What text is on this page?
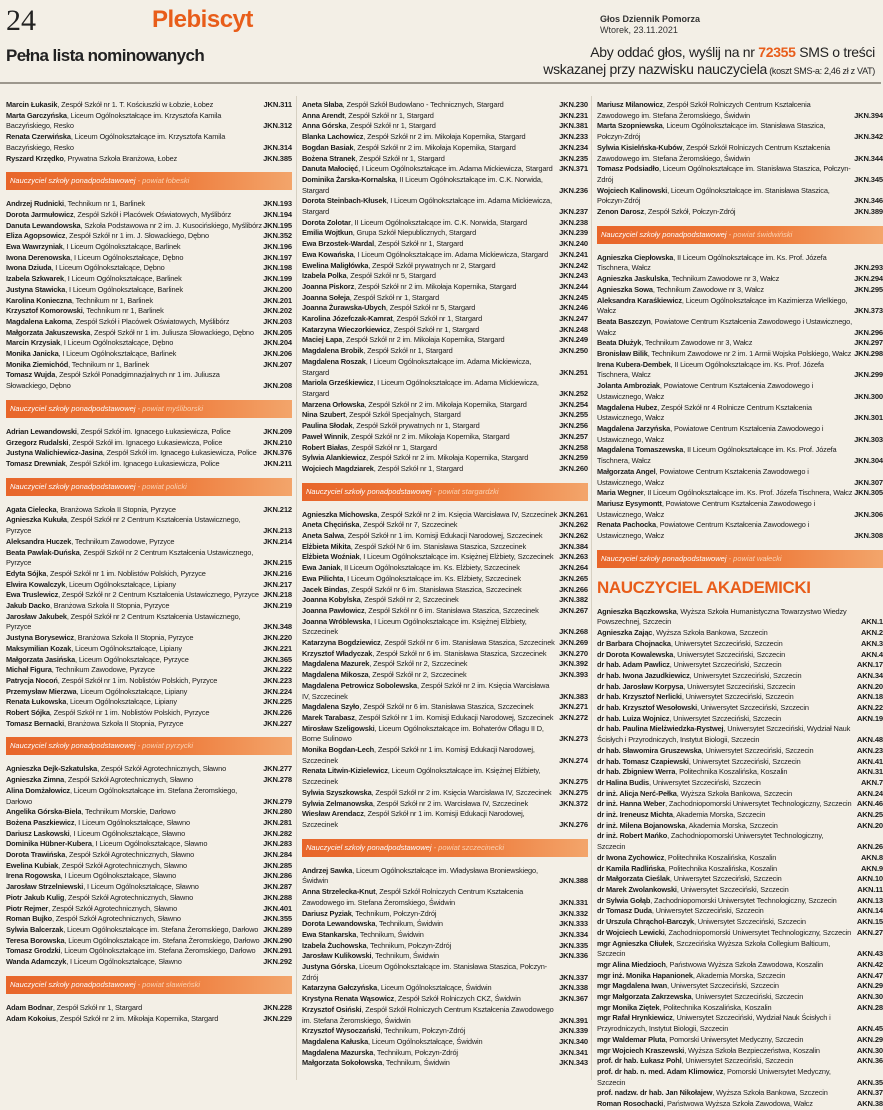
24	Plebiscyt
Pełna lista nominowanych
Głos Dziennik Pomorza
Wtorek, 23.11.2021
Aby oddać głos, wyślij na nr 72355 SMS o treści
wskazanej przy nazwisku nauczyciela (koszt SMS-a: 2,46 zł z VAT)
Marcin Łukasik, Zespół Szkół nr 1. T. Kościuszki w Łobzie, Łobez	JKN.311
Marta Garczyńska, Liceum Ogólnokształcące im. Krzysztofa Kamila Baczyńskiego, Resko	JKN.312
Renata Czerwińska, Liceum Ogólnokształcące im. Krzysztofa Kamila Baczyńskiego, Resko	JKN.314
Ryszard Krzędko, Prywatna Szkoła Branżowa, Łobez	JKN.385
Nauczyciel szkoły ponadpodstawowej - powiat łobeski
Andrzej Rudnicki, Technikum nr 1, Barlinek	JKN.193
Dorota Jarmułowicz, Zespół Szkół i Placówek Oświatowych, Myślibórz	JKN.194
Danuta Lewandowska, Szkoła Podstawowa nr 2 im. J. Kusocińskiego, Myślibórz JKN.195
Eliza Agopsowicz, Zespół Szkół nr 1 im. J. Słowackiego, Dębno	JKN.352
Ewa Wawrzyniak, I Liceum Ogólnokształcące, Barlinek	JKN.196
Iwona Derenowska, I Liceum Ogólnokształcące, Dębno	JKN.197
Iwona Dziuda, I Liceum Ogólnokształcące, Dębno	JKN.198
Izabela Szkwarek, I Liceum Ogólnokształcące, Barlinek	JKN.199
Justyna Stawicka, I Liceum Ogólnokształcące, Barlinek	JKN.200
Karolina Konieczna, Technikum nr 1, Barlinek	JKN.201
Krzysztof Komorowski, Technikum nr 1, Barlinek	JKN.202
Magdalena Łakoma, Zespół Szkół i Placówek Oświatowych, Myślibórz	JKN.203
Małgorzata Jakuszewska, Zespół Szkół nr 1 im. Juliusza Słowackiego, Dębno JKN.205
Marcin Krzysiak, I Liceum Ogólnokształcące, Dębno	JKN.204
Monika Janicka, I Liceum Ogólnokształcące, Barlinek	JKN.206
Monika Ziemichód, Technikum nr 1, Barlinek	JKN.207
Tomasz Wujda, Zespół Szkół Ponadgimnazjalnych nr 1 im. Juliusza Słowackiego, Dębno	JKN.208
Nauczyciel szkoły ponadpodstawowej - powiat myśliborski
Adrian Lewandowski, Zespół Szkół im. Ignacego Łukasiewicza, Police	JKN.209
Grzegorz Rudalski, Zespół Szkół im. Ignacego Łukasiewicza, Police	JKN.210
Justyna Walichiewicz-Jasina, Zespół Szkół im. Ignacego Łukasiewicza, Police JKN.376
Tomasz Drewniak, Zespół Szkół im. Ignacego Łukasiewicza, Police	JKN.211
Nauczyciel szkoły ponadpodstawowej - powiat policki
Agata Cielecka, Branżowa Szkoła II Stopnia, Pyrzyce	JKN.212
Agnieszka Kukuła, Zespół Szkół nr 2 Centrum Kształcenia Ustawicznego, Pyrzyce	JKN.213
Aleksandra Huczek, Technikum Zawodowe, Pyrzyce	JKN.214
Beata Pawlak-Duńska, Zespół Szkół nr 2 Centrum Kształcenia Ustawicznego, Pyrzyce	JKN.215
Edyta Sójka, Zespół Szkół nr 1 im. Noblistów Polskich, Pyrzyce	JKN.216
Elwira Kowalczyk, Liceum Ogólnokształcące, Lipiany	JKN.217
Ewa Truslewicz, Zespół Szkół nr 2 Centrum Kształcenia Ustawicznego, Pyrzyce JKN.218
Jakub Dacko, Branżowa Szkoła II Stopnia, Pyrzyce	JKN.219
Jarosław Jakubek, Zespół Szkół nr 2 Centrum Kształcenia Ustawicznego, Pyrzyce	JKN.348
Justyna Borysewicz, Branżowa Szkoła II Stopnia, Pyrzyce	JKN.220
Maksymilian Kozak, Liceum Ogólnokształcące, Lipiany	JKN.221
Małgorzata Jasińska, Liceum Ogólnokształcące, Pyrzyce	JKN.365
Michał Figura, Technikum Zawodowe, Pyrzyce	JKN.222
Patrycja Nocoń, Zespół Szkół nr 1 im. Noblistów Polskich, Pyrzyce	JKN.223
Przemysław Mierzwa, Liceum Ogólnokształcące, Lipiany	JKN.224
Renata Łukowska, Liceum Ogólnokształcące, Lipiany	JKN.225
Robert Sójka, Zespół Szkół nr 1 im. Noblistów Polskich, Pyrzyce	JKN.226
Tomasz Bernacki, Branżowa Szkoła II Stopnia, Pyrzyce	JKN.227
Nauczyciel szkoły ponadpodstawowej - powiat pyrzycki
Agnieszka Dejk-Szkatulska, Zespół Szkół Agrotechnicznych, Sławno	JKN.277
Agnieszka Zimna, Zespół Szkół Agrotechnicznych, Sławno	JKN.278
Alina Domżałowicz, Liceum Ogólnokształcące im. Stefana Żeromskiego, Darłowo	JKN.279
Angelika Górska-Biela, Technikum Morskie, Darłowo	JKN.280
Bożena Paszkiewicz, I Liceum Ogólnokształcące, Sławno	JKN.281
Dariusz Laskowski, I Liceum Ogólnokształcące, Sławno	JKN.282
Dominika Hübner-Kubera, I Liceum Ogólnokształcące, Sławno	JKN.283
Dorota Trawińska, Zespół Szkół Agrotechnicznych, Sławno	JKN.284
Ewelina Kubiak, Zespół Szkół Agrotechnicznych, Sławno	JKN.285
Irena Rogowska, I Liceum Ogólnokształcące, Sławno	JKN.286
Jarosław Strzelniewski, I Liceum Ogólnokształcące, Sławno	JKN.287
Piotr Jakub Kulig, Zespół Szkół Agrotechnicznych, Sławno	JKN.288
Piotr Rejmer, Zespół Szkół Agrotechnicznych, Sławno	JKN.401
Roman Bujko, Zespół Szkół Agrotechnicznych, Sławno	JKN.355
Sylwia Balcerzak, Liceum Ogólnokształcące im. Stefana Żeromskiego, Darłowo JKN.289
Teresa Borowska, Liceum Ogólnokształcące im. Stefana Żeromskiego, Darłowo JKN.290
Tomasz Grodzki, Liceum Ogólnokształcące im. Stefana Żeromskiego, Darłowo JKN.291
Wanda Adamczyk, I Liceum Ogólnokształcące, Sławno	JKN.292
Nauczyciel szkoły ponadpodstawowej - powiat sławieński
Adam Bodnar, Zespół Szkół nr 1, Stargard	JKN.228
Adam Kokoius, Zespół Szkół nr 2 im. Mikołaja Kopernika, Stargard	JKN.229
Aneta Słaba, Zespół Szkół Budowlano - Technicznych, Stargard	JKN.230
Anna Arendt, Zespół Szkół nr 1, Stargard	JKN.231
Anna Górska, Zespół Szkół nr 1, Stargard	JKN.381
Blanka Lachowicz, Zespół Szkół nr 2 im. Mikołaja Kopernika, Stargard	JKN.233
Bogdan Basiak, Zespół Szkół nr 2 im. Mikołaja Kopernika, Stargard	JKN.234
Bożena Stranek, Zespół Szkół nr 1, Stargard	JKN.235
Danuta Małocięć, I Liceum Ogólnokształcące im. Adama Mickiewicza, Stargard JKN.371
Dominika Żarska-Kornalska, II Liceum Ogólnokształcące im. C.K. Norwida, Stargard	JKN.236
Dorota Steinbach-Kłusek, I Liceum Ogólnokształcące im. Adama Mickiewicza, Stargard	JKN.237
Dorota Zolotar, II Liceum Ogólnokształcące im. C.K. Norwida, Stargard	JKN.238
Emilia Wojtkun, Grupa Szkół Niepublicznych, Stargard	JKN.239
Ewa Brzostek-Wardal, Zespół Szkół nr 1, Stargard	JKN.240
Ewa Kowańska, I Liceum Ogólnokształcące im. Adama Mickiewicza, Stargard JKN.241
Ewelina Maligłówka, Zespół Szkół prywatnych nr 2, Stargard	JKN.242
Izabela Polka, Zespół Szkół nr 5, Stargard	JKN.243
Joanna Piskorz, Zespół Szkół nr 2 im. Mikołaja Kopernika, Stargard	JKN.244
Joanna Sołeja, Zespół Szkół nr 1, Stargard	JKN.245
Joanna Żurawska-Ubych, Zespół Szkół nr 5, Stargard	JKN.246
Karolina Józefczak-Kamrat, Zespół Szkół nr 1, Stargard	JKN.247
Katarzyna Wieczorkiewicz, Zespół Szkół nr 1, Stargard	JKN.248
Maciej Łapa, Zespół Szkół nr 2 im. Mikołaja Kopernika, Stargard	JKN.249
Magdalena Brobik, Zespół Szkół nr 1, Stargard	JKN.250
Magdalena Roszak, I Liceum Ogólnokształcące im. Adama Mickiewicza, Stargard	JKN.251
Mariola Grześkiewicz, I Liceum Ogólnokształcące im. Adama Mickiewicza, Stargard	JKN.252
Marzena Orłowska, Zespół Szkół nr 2 im. Mikołaja Kopernika, Stargard	JKN.254
Nina Szubert, Zespół Szkół Specjalnych, Stargard	JKN.255
Paulina Słodak, Zespół Szkół prywatnych nr 1, Stargard	JKN.256
Paweł Winnik, Zespół Szkół nr 2 im. Mikołaja Kopernika, Stargard	JKN.257
Robert Białas, Zespół Szkół nr 1, Stargard	JKN.258
Sylwia Alankiewicz, Zespół Szkół nr 2 im. Mikołaja Kopernika, Stargard	JKN.259
Wojciech Magdziarek, Zespół Szkół nr 1, Stargard	JKN.260
Nauczyciel szkoły ponadpodstawowej - powiat stargardzki
Agnieszka Michowska, Zespół Szkół nr 2 im. Księcia Warcisława IV, Szczecinek JKN.261
Aneta Chęcińska, Zespół Szkół nr 7, Szczecinek	JKN.262
Aneta Salwa, Zespół Szkół nr 1 im. Komisji Edukacji Narodowej, Szczecinek JKN.262
Elżbieta Mikita, Zespół Szkół Nr 6 im. Stanisława Staszica, Szczecinek	JKN.384
Elżbieta Woźniak, I Liceum Ogólnokształcące im. Księżnej Elżbiety, Szczecinek JKN.263
Ewa Janiak, II Liceum Ogólnokształcące im. Ks. Elżbiety, Szczecinek	JKN.264
Ewa Pilichta, I Liceum Ogólnokształcące im. Ks. Elżbiety, Szczecinek	JKN.265
Jacek Bindas, Zespół Szkół nr 6 im. Stanisława Staszica, Szczecinek	JKN.266
Joanna Kobylska, Zespół Szkół nr 2, Szczecinek	JKN.382
Joanna Pawłowicz, Zespół Szkół nr 6 im. Stanisława Staszica, Szczecinek	JKN.267
Joanna Wróblewska, I Liceum Ogólnokształcące im. Księżnej Elżbiety, Szczecinek	JKN.268
Katarzyna Bogdziewicz, Zespół Szkół nr 6 im. Stanisława Staszica, Szczecinek JKN.269
Krzysztof Władyczak, Zespół Szkół nr 6 im. Stanisława Staszica, Szczecinek JKN.270
Magdalena Mazurek, Zespół Szkół nr 2, Szczecinek	JKN.392
Magdalena Mikosza, Zespół Szkół nr 2, Szczecinek	JKN.393
Magdalena Petrowicz Sobolewska, Zespół Szkół nr 2 im. Księcia Warcisława IV, Szczecinek	JKN.383
Magdalena Szyło, Zespół Szkół nr 6 im. Stanisława Staszica, Szczecinek	JKN.271
Marek Tarabasz, Zespół Szkół nr 1 im. Komisji Edukacji Narodowej, Szczecinek JKN.272
Mirosław Szeligowski, Liceum Ogólnokształcące im. Bohaterów Oflagu II D, Borne Sulinowo	JKN.273
Monika Bogdan-Lech, Zespół Szkół nr 1 im. Komisji Edukacji Narodowej, Szczecinek	JKN.274
Renata Litwin-Kizielewicz, Liceum Ogólnokształcące im. Księżnej Elżbiety, Szczecinek	JKN.275
Sylwia Szyszkowska, Zespół Szkół nr 2 im. Księcia Warcisława IV, Szczecinek JKN.275
Sylwia Zelmanowska, Zespół Szkół nr 2 im. Warcisława IV, Szczecinek	JKN.372
Wiesław Arendacz, Zespół Szkół nr 1 im. Komisji Edukacji Narodowej, Szczecinek	JKN.276
Nauczyciel szkoły ponadpodstawowej - powiat szczecinecki
Andrzej Sawka, Liceum Ogólnokształcące im. Władysława Broniewskiego, Świdwin	JKN.388
Anna Strzelecka-Knut, Zespół Szkół Rolniczych Centrum Kształcenia Zawodowego im. Stefana Żeromskiego, Świdwin	JKN.331
Dariusz Pyziak, Technikum, Połczyn-Zdrój	JKN.332
Dorota Lewandowska, Technikum, Świdwin	JKN.333
Ewa Stankarska, Technikum, Świdwin	JKN.334
Izabela Żuchowska, Technikum, Połczyn-Zdrój	JKN.335
Jarosław Kulikowski, Technikum, Świdwin	JKN.336
Justyna Górska, Liceum Ogólnokształcące im. Stanisława Staszica, Połczyn-Zdrój	JKN.337
Katarzyna Gałczyńska, Liceum Ogólnokształcące, Świdwin	JKN.338
Krystyna Renata Wąsowicz, Zespół Szkół Rolniczych CKZ, Świdwin	JKN.367
Krzysztof Osiński, Zespół Szkół Rolniczych Centrum Kształcenia Zawodowego im. Stefana Żeromskiego, Świdwin	JKN.391
Krzysztof Wysoczański, Technikum, Połczyn-Zdrój	JKN.339
Magdalena Kałuska, Liceum Ogólnokształcące, Świdwin	JKN.340
Magdalena Mazurska, Technikum, Połczyn-Zdrój	JKN.341
Małgorzata Sokołowska, Technikum, Świdwin	JKN.343
Mariusz Milanowicz, Zespół Szkół Rolniczych Centrum Kształcenia Zawodowego im. Stefana Żeromskiego, Świdwin	JKN.394
Marta Szopniewska, Liceum Ogólnokształcące im. Stanisława Staszica, Połczyn-Zdrój	JKN.342
Sylwia Kisielńska-Kubów, Zespół Szkół Rolniczych Centrum Kształcenia Zawodowego im. Stefana Żeromskiego, Świdwin	JKN.344
Tomasz Podsiadło, Liceum Ogólnokształcące im. Stanisława Staszica, Połczyn-Zdrój	JKN.345
Wojciech Kalinowski, Liceum Ogólnokształcące im. Stanisława Staszica, Połczyn-Zdrój	JKN.346
Zenon Darosz, Zespół Szkół, Połczyn-Zdrój	JKN.389
Nauczyciel szkoły ponadpodstawowej - powiat świdwiński
Agnieszka Ciepłowska, II Liceum Ogólnokształcące im. Ks. Prof. Józefa Tischnera, Wałcz	JKN.293
Agnieszka Jaskulska, Technikum Zawodowe nr 3, Wałcz	JKN.294
Agnieszka Sowa, Technikum Zawodowe nr 3, Wałcz	JKN.295
Aleksandra Karaśkiewicz, Liceum Ogólnokształcące im Kazimierza Wielkiego, Wałcz	JKN.373
Beata Baszczyn, Powiatowe Centrum Kształcenia Zawodowego i Ustawicznego, Wałcz	JKN.296
Beata Dłużyk, Technikum Zawodowe nr 3, Wałcz	JKN.297
Bronisław Bilik, Technikum Zawodowe nr 2 im. 1 Armii Wojska Polskiego, Wałcz JKN.298
Irena Kubera-Dembek, II Liceum Ogólnokształcące im. Ks. Prof. Józefa Tischnera, Wałcz	JKN.299
Jolanta Ambroziak, Powiatowe Centrum Kształcenia Zawodowego i Ustawicznego, Wałcz	JKN.300
Magdalena Hubez, Zespół Szkół nr 4 Rolnicze Centrum Kształcenia Ustawicznego, Wałcz	JKN.301
Magdalena Jarzyńska, Powiatowe Centrum Kształcenia Zawodowego i Ustawicznego, Wałcz	JKN.303
Magdalena Tomaszewska, II Liceum Ogólnokształcące im. Ks. Prof. Józefa Tischnera, Wałcz	JKN.304
Małgorzata Angel, Powiatowe Centrum Kształcenia Zawodowego i Ustawicznego, Wałcz	JKN.307
Maria Wegner, II Liceum Ogólnokształcące im. Ks. Prof. Józefa Tischnera, Wałcz JKN.305
Mariusz Eysymontt, Powiatowe Centrum Kształcenia Zawodowego i Ustawicznego, Wałcz	JKN.306
Renata Pachocka, Powiatowe Centrum Kształcenia Zawodowego i Ustawicznego, Wałcz	JKN.308
Nauczyciel szkoły ponadpodstawowej - powiat wałecki
NAUCZYCIEL AKADEMICKI
Agnieszka Bączkowska, Wyższa Szkoła Humanistyczna Towarzystwo Wiedzy Powszechnej, Szczecin	AKN.1
Agnieszka Zając, Wyższa Szkoła Bankowa, Szczecin	AKN.2
dr Barbara Chojnacka, Uniwersytet Szczeciński, Szczecin	AKN.3
dr Dorota Kowalewska, Uniwersytet Szczeciński, Szczecin	AKN.4
dr hab. Adam Pawlicz, Uniwersytet Szczeciński, Szczecin	AKN.17
dr hab. Iwona Jazudkiewicz, Uniwersytet Szczeciński, Szczecin	AKN.34
dr hab. Jarosław Korpysa, Uniwersytet Szczeciński, Szczecin	AKN.20
dr hab. Krzysztof Nerlicki, Uniwersytet Szczeciński, Szczecin	AKN.18
dr hab. Krzysztof Wesołowski, Uniwersytet Szczeciński, Szczecin	AKN.22
dr hab. Luiza Wojnicz, Uniwersytet Szczeciński, Szczecin	AKN.19
dr hab. Paulina Mielżwiedzka-Rystwej, Uniwersytet Szczeciński, Wydział Nauk Ścisłych i Przyrodniczych, Instytut Biologii, Szczecin	AKN.48
dr hab. Sławomira Gruszewska, Uniwersytet Szczeciński, Szczecin	AKN.23
dr hab. Tomasz Czapiewski, Uniwersytet Szczeciński, Szczecin	AKN.41
dr hab. Zbigniew Werra, Politechnika Koszalińska, Koszalin	AKN.31
dr Halina Budis, Uniwersytet Szczeciński, Szczecin	AKN.7
dr inż. Alicja Nerć-Pełka, Wyższa Szkoła Bankowa, Szczecin	AKN.24
dr inż. Hanna Weber, Zachodniopomorski Uniwersytet Technologiczny, Szczecin AKN.46
dr inż. Ireneusz Michta, Akademia Morska, Szczecin	AKN.25
dr inż. Milena Bojanowska, Akademia Morska, Szczecin	AKN.20
dr inż. Robert Mańko, Zachodniopomorski Uniwersytet Technologiczny, Szczecin	AKN.26
dr Iwona Zychowicz, Politechnika Koszalińska, Koszalin	AKN.8
dr Kamila Radlińska, Politechnika Koszalińska, Koszalin	AKN.9
dr Małgorzata Cieślak, Uniwersytet Szczeciński, Szczecin	AKN.10
dr Marek Zwolankowski, Uniwersytet Szczeciński, Szczecin	AKN.11
dr Sylwia Gołąb, Zachodniopomorski Uniwersytet Technologiczny, Szczecin	AKN.13
dr Tomasz Duda, Uniwersytet Szczeciński, Szczecin	AKN.14
dr Urszula Chrąchol-Barczyk, Uniwersytet Szczeciński, Szczecin	AKN.15
dr Wojciech Lewicki, Zachodniopomorski Uniwersytet Technologiczny, Szczecin AKN.27
mgr Agnieszka Cłiułek, Szczecińska Wyższa Szkoła Collegium Balticum, Szczecin	AKN.43
mgr Alina Miedzioch, Państwowa Wyższa Szkoła Zawodowa, Koszalin	AKN.42
mgr inż. Monika Hapanionek, Akademia Morska, Szczecin	AKN.47
mgr Magdalena Iwan, Uniwersytet Szczeciński, Szczecin	AKN.29
mgr Małgorzata Zakrzewska, Uniwersytet Szczeciński, Szczecin	AKN.30
mgr Monika Ziętek, Politechnika Koszalińska, Koszalin	AKN.28
mgr Rafał Hrynkiewicz, Uniwersytet Szczeciński, Wydział Nauk Ścisłych i Przyrodniczych, Instytut Biologii, Szczecin	AKN.45
mgr Waldemar Pluta, Pomorski Uniwersytet Medyczny, Szczecin	AKN.29
mgr Wojciech Kraszewski, Wyższa Szkoła Bezpieczeństwa, Koszalin	AKN.30
prof. dr hab. Łukasz Pohl, Uniwersytet Szczeciński, Szczecin	AKN.36
prof. dr hab. n. med. Adam Klimowicz, Pomorski Uniwersytet Medyczny, Szczecin	AKN.35
prof. nadzw. dr hab. Jan Nikołajew, Wyższa Szkoła Bankowa, Szczecin	AKN.37
Roman Rosochacki, Państwowa Wyższa Szkoła Zawodowa, Wałcz	AKN.38
